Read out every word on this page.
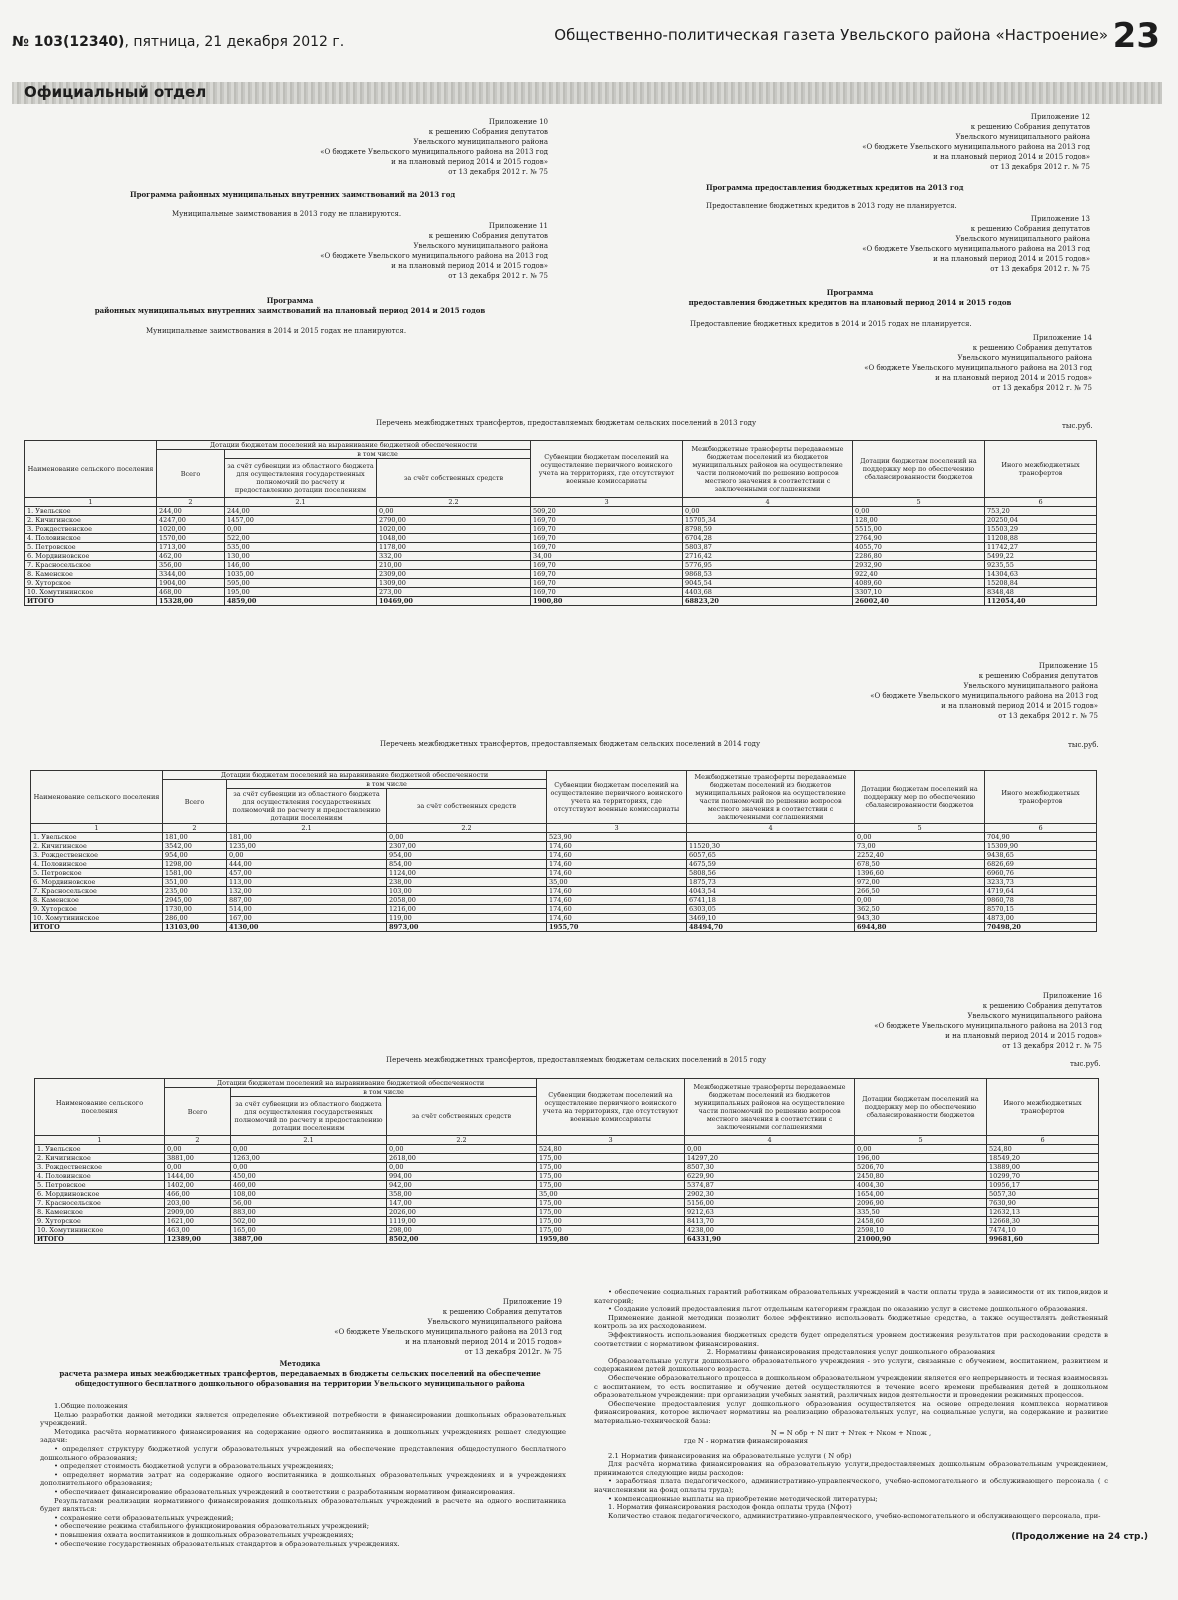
№ 103(12340), пятница, 21 декабря 2012 г.	Общественно-политическая газета Увельского района «Настроение» 23
Официальный отдел
Приложение 10
к решению Собрания депутатов
Увельского муниципального района
«О бюджете Увельского муниципального района на 2013 год
и на плановый период 2014 и 2015 годов»
от 13 декабря 2012 г. № 75
Программа районных муниципальных внутренних заимствований на 2013 год
Муниципальные заимствования в 2013 году не планируются.
Приложение 11
к решению Собрания депутатов
Увельского муниципального района
«О бюджете Увельского муниципального района на 2013 год
и на плановый период 2014 и 2015 годов»
от 13 декабря 2012 г. № 75
Программа
районных муниципальных внутренних заимствований на плановый период 2014 и 2015 годов
Муниципальные заимствования в 2014 и 2015 годах не планируются.
Приложение 12
к решению Собрания депутатов
Увельского муниципального района
«О бюджете Увельского муниципального района на 2013 год
и на плановый период 2014 и 2015 годов»
от 13 декабря 2012 г. № 75
Программа предоставления бюджетных кредитов на 2013 год
Предоставление бюджетных кредитов в 2013 году не планируется.
Приложение 13
к решению Собрания депутатов
Увельского муниципального района
«О бюджете Увельского муниципального района на 2013 год
и на плановый период 2014 и 2015 годов»
от 13 декабря 2012 г. № 75
Программа
предоставления бюджетных кредитов на плановый период 2014 и 2015 годов
Предоставление бюджетных кредитов в 2014 и 2015 годах не планируется.
Приложение 14
к решению Собрания депутатов
Увельского муниципального района
«О бюджете Увельского муниципального района на 2013 год
и на плановый период 2014 и 2015 годов»
от 13 декабря 2012 г. № 75
Перечень межбюджетных трансфертов, предоставляемых бюджетам сельских поселений в 2013 году	тыс.руб.
Наименование сельского поселения	Дотации бюджетам поселений на выравнивание бюджетной обеспеченности			Субвенции бюджетам поселений на осуществление первичного воинского учета на территориях, где отсутствуют военные комиссариаты	Межбюджетные трансферты передаваемые бюджетам поселений из бюджетов муниципальных районов на осуществление части полномочий по решению вопросов местного значения в соответствии с заключенными соглашениями	Дотации бюджетам поселений на поддержку мер по обеспечению сбалансированности бюджетов	Иного межбюджетных трансфертов
	Всего	в том числе					
		за счёт субвенции из областного бюджета для осуществления государственных полномочий по расчету и предоставлению дотации поселениям	за счёт собственных средств				
1	2	2.1	2.2	3	4	5	6
1. Увельское	244,00	244,00	0,00	509,20	0,00	0,00	753,20
2. Кичигинское	4247,00	1457,00	2790,00	169,70	15705,34	128,00	20250,04
3. Рождественское	1020,00	0,00	1020,00	169,70	8798,59	5515,00	15503,29
4. Половинское	1570,00	522,00	1048,00	169,70	6704,28	2764,90	11208,88
5. Петровское	1713,00	535,00	1178,00	169,70	5803,87	4055,70	11742,27
6. Мордвиновское	462,00	130,00	332,00	34,00	2716,42	2286,80	5499,22
7. Красносельское	356,00	146,00	210,00	169,70	5776,95	2932,90	9235,55
8. Каменское	3344,00	1035,00	2309,00	169,70	9868,53	922,40	14304,63
9. Хуторское	1904,00	595,00	1309,00	169,70	9045,54	4089,60	15208,84
10. Хомутининское	468,00	195,00	273,00	169,70	4403,68	3307,10	8348,48
ИТОГО	15328,00	4859,00	10469,00	1900,80	68823,20	26002,40	112054,40
Приложение 15
к решению Собрания депутатов
Увельского муниципального района
«О бюджете Увельского муниципального района на 2013 год
и на плановый период 2014 и 2015 годов»
от 13 декабря 2012 г. № 75
Перечень межбюджетных трансфертов, предоставляемых бюджетам сельских поселений в 2014 году	тыс.руб.
Наименование сельского поселения	Дотации бюджетам поселений на выравнивание бюджетной обеспеченности			Субвенции бюджетам поселений на осуществление первичного воинского учета на территориях, где отсутствуют военные комиссариаты	Межбюджетные трансферты передаваемые бюджетам поселений из бюджетов муниципальных районов на осуществление части полномочий по решению вопросов местного значения в соответствии с заключенными соглашениями	Дотации бюджетам поселений на поддержку мер по обеспечению сбалансированности бюджетов	Иного межбюджетных трансфертов
	Всего	в том числе					
		за счёт субвенции из областного бюджета для осуществления государственных полномочий по расчету и предоставлению дотации поселениям	за счёт собственных средств				
1	2	2.1	2.2	3	4	5	6
1. Увельское	181,00	181,00	0,00	523,90		0,00	704,90
2. Кичигинское	3542,00	1235,00	2307,00	174,60	11520,30	73,00	15309,90
3. Рождественское	954,00	0,00	954,00	174,60	6057,65	2252,40	9438,65
4. Половинское	1298,00	444,00	854,00	174,60	4675,59	678,50	6826,69
5. Петровское	1581,00	457,00	1124,00	174,60	5808,56	1396,60	6960,76
6. Мордвиновское	351,00	113,00	238,00	35,00	1875,73	972,00	3233,73
7. Красносельское	235,00	132,00	103,00	174,60	4043,54	266,50	4719,64
8. Каменское	2945,00	887,00	2058,00	174,60	6741,18	0,00	9860,78
9. Хуторское	1730,00	514,00	1216,00	174,60	6303,05	362,50	8570,15
10. Хомутининское	286,00	167,00	119,00	174,60	3469,10	943,30	4873,00
ИТОГО	13103,00	4130,00	8973,00	1955,70	48494,70	6944,80	70498,20
Приложение 16
к решению Собрания депутатов
Увельского муниципального района
«О бюджете Увельского муниципального района на 2013 год
и на плановый период 2014 и 2015 годов»
от 13 декабря 2012 г. № 75
Перечень межбюджетных трансфертов, предоставляемых бюджетам сельских поселений в 2015 году	тыс.руб.
Наименование сельского поселения	Дотации бюджетам поселений на выравнивание бюджетной обеспеченности			Субвенции бюджетам поселений на осуществление первичного воинского учета на территориях, где отсутствуют военные комиссариаты	Межбюджетные трансферты передаваемые бюджетам поселений из бюджетов муниципальных районов на осуществление части полномочий по решению вопросов местного значения в соответствии с заключенными соглашениями	Дотации бюджетам поселений на поддержку мер по обеспечению сбалансированности бюджетов	Иного межбюджетных трансфертов
	Всего	в том числе					
		за счёт субвенции из областного бюджета для осуществления государственных полномочий по расчету и предоставлению дотации поселениям	за счёт собственных средств				
1	2	2.1	2.2	3	4	5	6
1. Увельское	0,00	0,00	0,00	524,80	0,00	0,00	524,80
2. Кичигинское	3881,00	1263,00	2618,00	175,00	14297,20	196,00	18549,20
3. Рождественское	0,00	0,00	0,00	175,00	8507,30	5206,70	13889,00
4. Половинское	1444,00	450,00	994,00	175,00	6229,90	2450,80	10299,70
5. Петровское	1402,00	460,00	942,00	175,00	5374,87	4004,30	10956,17
6. Мордвиновское	466,00	108,00	358,00	35,00	2902,30	1654,00	5057,30
7. Красносельское	203,00	56,00	147,00	175,00	5156,00	2096,90	7630,90
8. Каменское	2909,00	883,00	2026,00	175,00	9212,63	335,50	12632,13
9. Хуторское	1621,00	502,00	1119,00	175,00	8413,70	2458,60	12668,30
10. Хомутининское	463,00	165,00	298,00	175,00	4238,00	2598,10	7474,10
ИТОГО	12389,00	3887,00	8502,00	1959,80	64331,90	21000,90	99681,60
Приложение 19
к решению Собрания депутатов
Увельского муниципального района
«О бюджете Увельского муниципального района на 2013 год
и на плановый период 2014 и 2015 годов»
от 13 декабря 2012г. № 75
Методика
расчета размера иных межбюджетных трансфертов, передаваемых в бюджеты сельских поселений на обеспечение
общедоступного бесплатного дошкольного образования на территории Увельского муниципального района
1.Общие положения
Целью разработки данной методики является определение объективной потребности в финансировании дошкольных образовательных учреждений.
Методика расчёта нормативного финансирования на содержание одного воспитанника в дошкольных учреждениях решает следующие задачи:
• определяет структуру бюджетной услуги образовательных учреждений на обеспечение представления общедоступного бесплатного дошкольного образования;
• определяет стоимость бюджетной услуги в образовательных учреждениях;
• определяет норматив затрат на содержание одного воспитанника в дошкольных образовательных учреждениях и в учреждениях дополнительного образования;
• обеспечивает финансирование образовательных учреждений в соответствии с разработанным нормативом финансирования.
Результатами реализации нормативного финансирования дошкольных образовательных учреждений в расчете на одного воспитанника будет являться:
• сохранение сети образовательных учреждений;
• обеспечение режима стабильного функционирования образовательных учреждений;
• повышения охвата воспитанников в дошкольных образовательных учреждениях;
• обеспечение государственных образовательных стандартов в образовательных учреждениях.
• обеспечение социальных гарантий работникам образовательных учреждений в части оплаты труда в зависимости от их типов,видов и категорий;
• Создание условий предоставления льгот отдельным категориям граждан по оказанию услуг в системе дошкольного образования.
Применение данной методики позволит более эффективно использовать бюджетные средства, а также осуществлять действенный контроль за их расходованием.
Эффективность использования бюджетных средств будет определяться уровнем достижения результатов при расходовании средств в соответствии с нормативом финансирования.
2. Нормативы финансирования представления услуг дошкольного образования
Образовательные услуги дошкольного образовательного учреждения - это услуги, связанные с обучением, воспитанием, развитием и содержанием детей дошкольного возраста.
Обеспечение образовательного процесса в дошкольном образовательном учреждении является его непрерывность и тесная взаимосвязь с воспитанием, то есть воспитание и обучение детей осуществляются в течение всего времени пребывания детей в дошкольном образовательном учреждении: при организации учебных занятий, различных видов деятельности и проведении режимных процессов.
Обеспечение предоставления услуг дошкольного образования осуществляется на основе определения комплекса нормативов финансирования, которое включает нормативы на реализацию образовательных услуг, на социальные услуги, на содержание и развитие материально-технической базы:
N = N обр + N пит + Nтек + Nком + Nпож ,
где N - норматив финансирования
2.1 Норматив финансирования на образовательные услуги ( N обр)
Для расчёта норматива финансирования на образовательную услуги,предоставляемых дошкольным образовательным учреждением, принимаются следующие виды расходов:
• заработная плата педагогического, административно-управленческого, учебно-вспомогательного и обслуживающего персонала ( с начислениями на фонд оплаты труда);
• компенсационные выплаты на приобретение методической литературы;
1. Норматив финансирования расходов фонда оплаты труда (Nфот)
Количество ставок педагогического, административно-управленческого, учебно-вспомогательного и обслуживающего персонала, при-
(Продолжение на 24 стр.)
